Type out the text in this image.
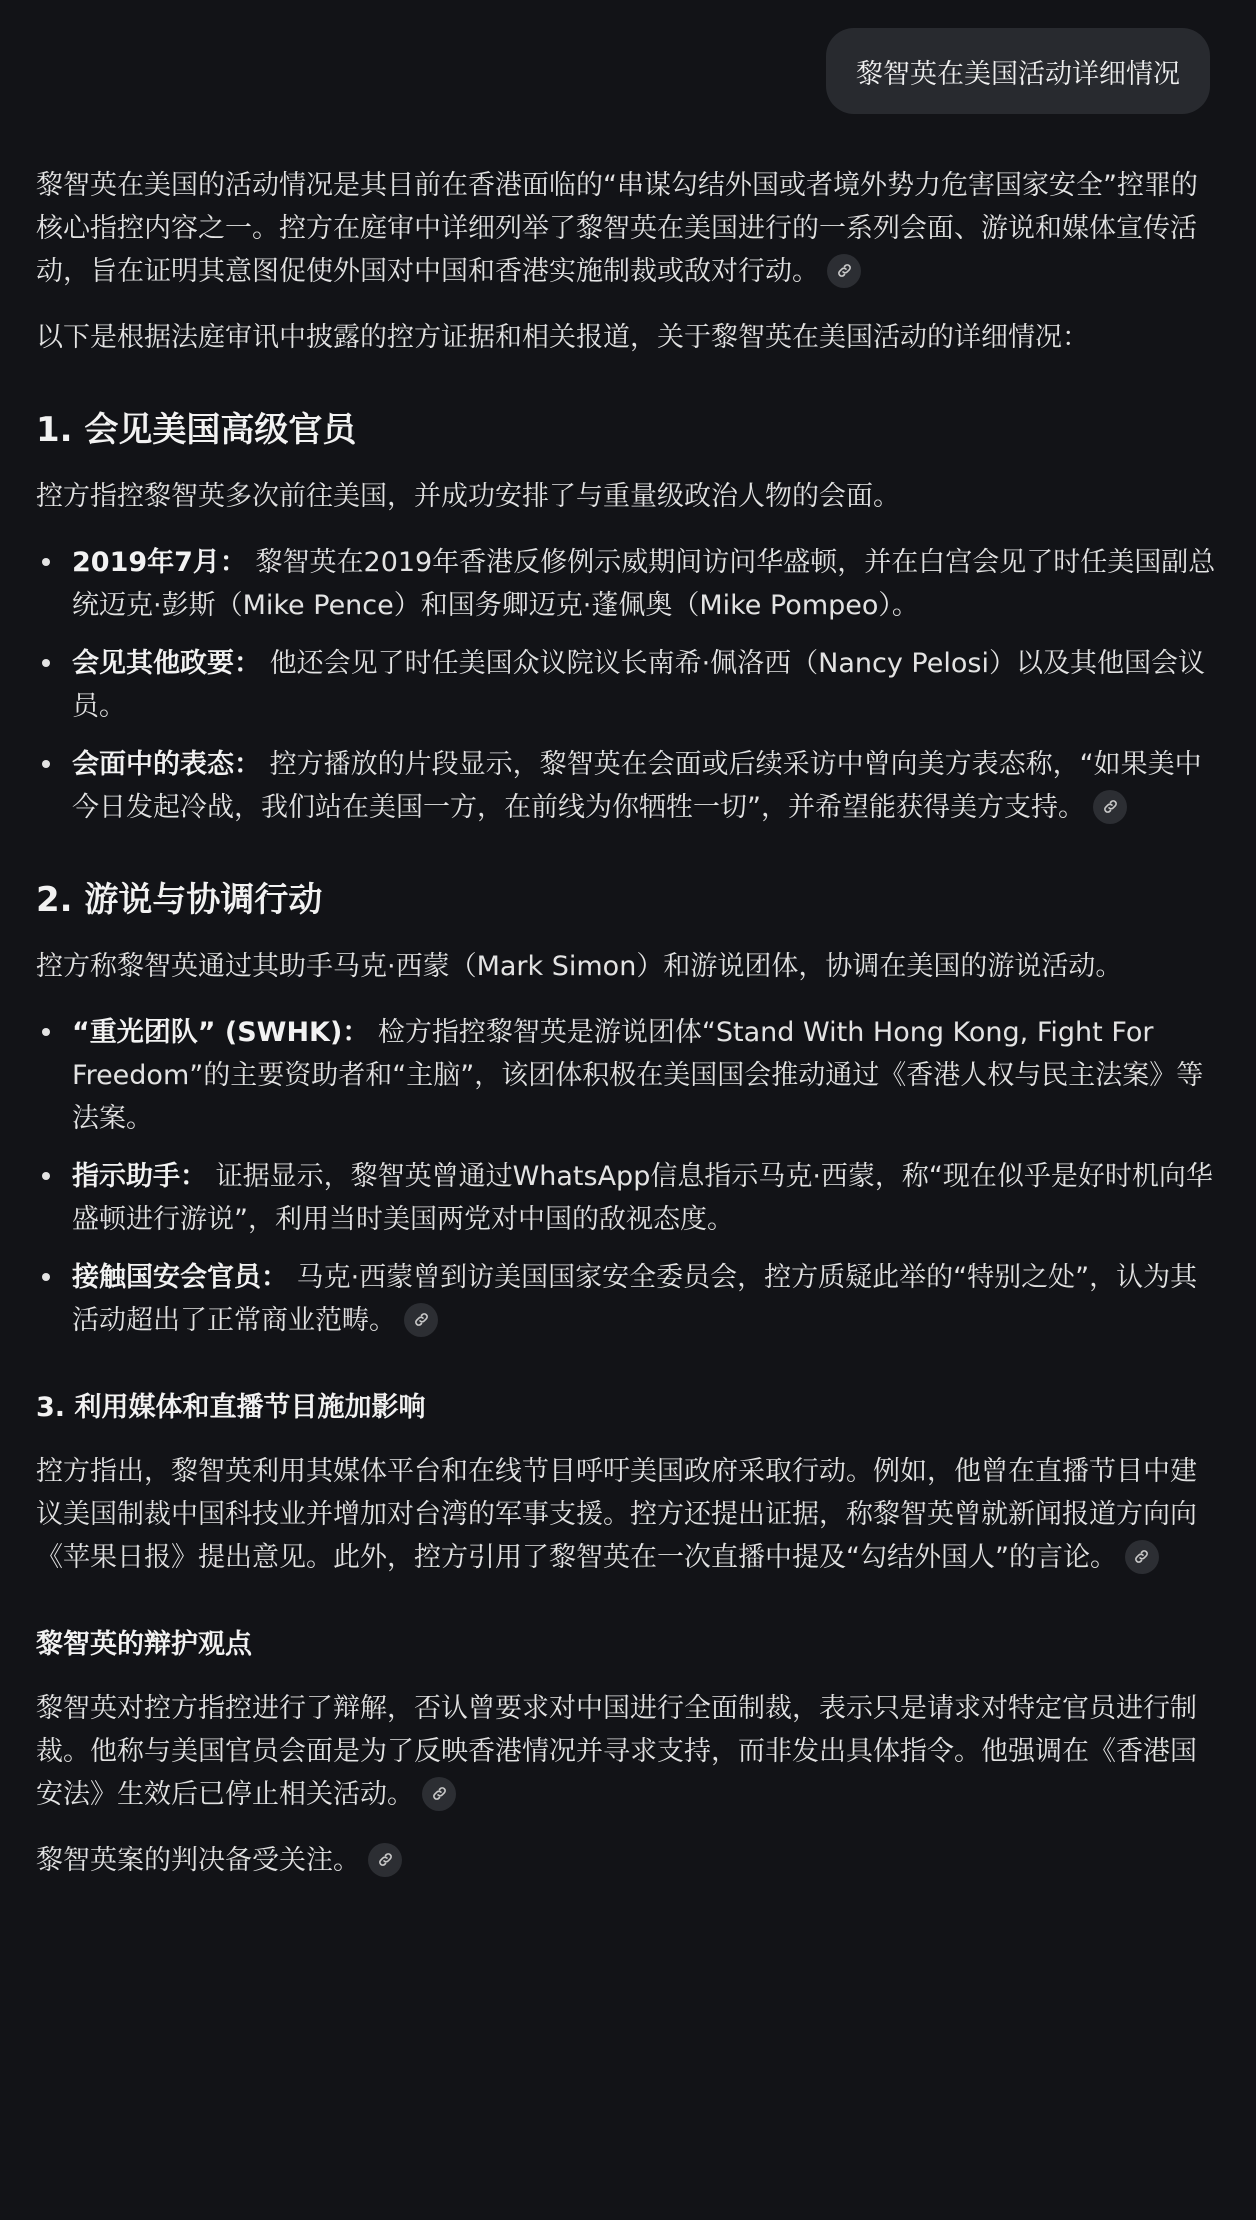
黎智英在美国活动详细情况

黎智英在美国的活动情况是其目前在香港面临的“串谋勾结外国或者境外势力危害国家安全”控罪的核心指控内容之一。控方在庭审中详细列举了黎智英在美国进行的一系列会面、游说和媒体宣传活动，旨在证明其意图促使外国对中国和香港实施制裁或敌对行动。

以下是根据法庭审讯中披露的控方证据和相关报道，关于黎智英在美国活动的详细情况：

1. 会见美国高级官员

控方指控黎智英多次前往美国，并成功安排了与重量级政治人物的会面。

2019年7月： 黎智英在2019年香港反修例示威期间访问华盛顿，并在白宫会见了时任美国副总统迈克·彭斯（Mike Pence）和国务卿迈克·蓬佩奥（Mike Pompeo）。
会见其他政要： 他还会见了时任美国众议院议长南希·佩洛西（Nancy Pelosi）以及其他国会议员。
会面中的表态： 控方播放的片段显示，黎智英在会面或后续采访中曾向美方表态称，“如果美中今日发起冷战，我们站在美国一方，在前线为你牺牲一切”，并希望能获得美方支持。
2. 游说与协调行动

控方称黎智英通过其助手马克·西蒙（Mark Simon）和游说团体，协调在美国的游说活动。

“重光团队” (SWHK)： 检方指控黎智英是游说团体“Stand With Hong Kong, Fight For Freedom”的主要资助者和“主脑”，该团体积极在美国国会推动通过《香港人权与民主法案》等法案。
指示助手： 证据显示，黎智英曾通过WhatsApp信息指示马克·西蒙，称“现在似乎是好时机向华盛顿进行游说”，利用当时美国两党对中国的敌视态度。
接触国安会官员： 马克·西蒙曾到访美国国家安全委员会，控方质疑此举的“特别之处”，认为其活动超出了正常商业范畴。
3. 利用媒体和直播节目施加影响

控方指出，黎智英利用其媒体平台和在线节目呼吁美国政府采取行动。例如，他曾在直播节目中建议美国制裁中国科技业并增加对台湾的军事支援。控方还提出证据，称黎智英曾就新闻报道方向向《苹果日报》提出意见。此外，控方引用了黎智英在一次直播中提及“勾结外国人”的言论。

黎智英的辩护观点

黎智英对控方指控进行了辩解，否认曾要求对中国进行全面制裁，表示只是请求对特定官员进行制裁。他称与美国官员会面是为了反映香港情况并寻求支持，而非发出具体指令。他强调在《香港国安法》生效后已停止相关活动。

黎智英案的判决备受关注。
